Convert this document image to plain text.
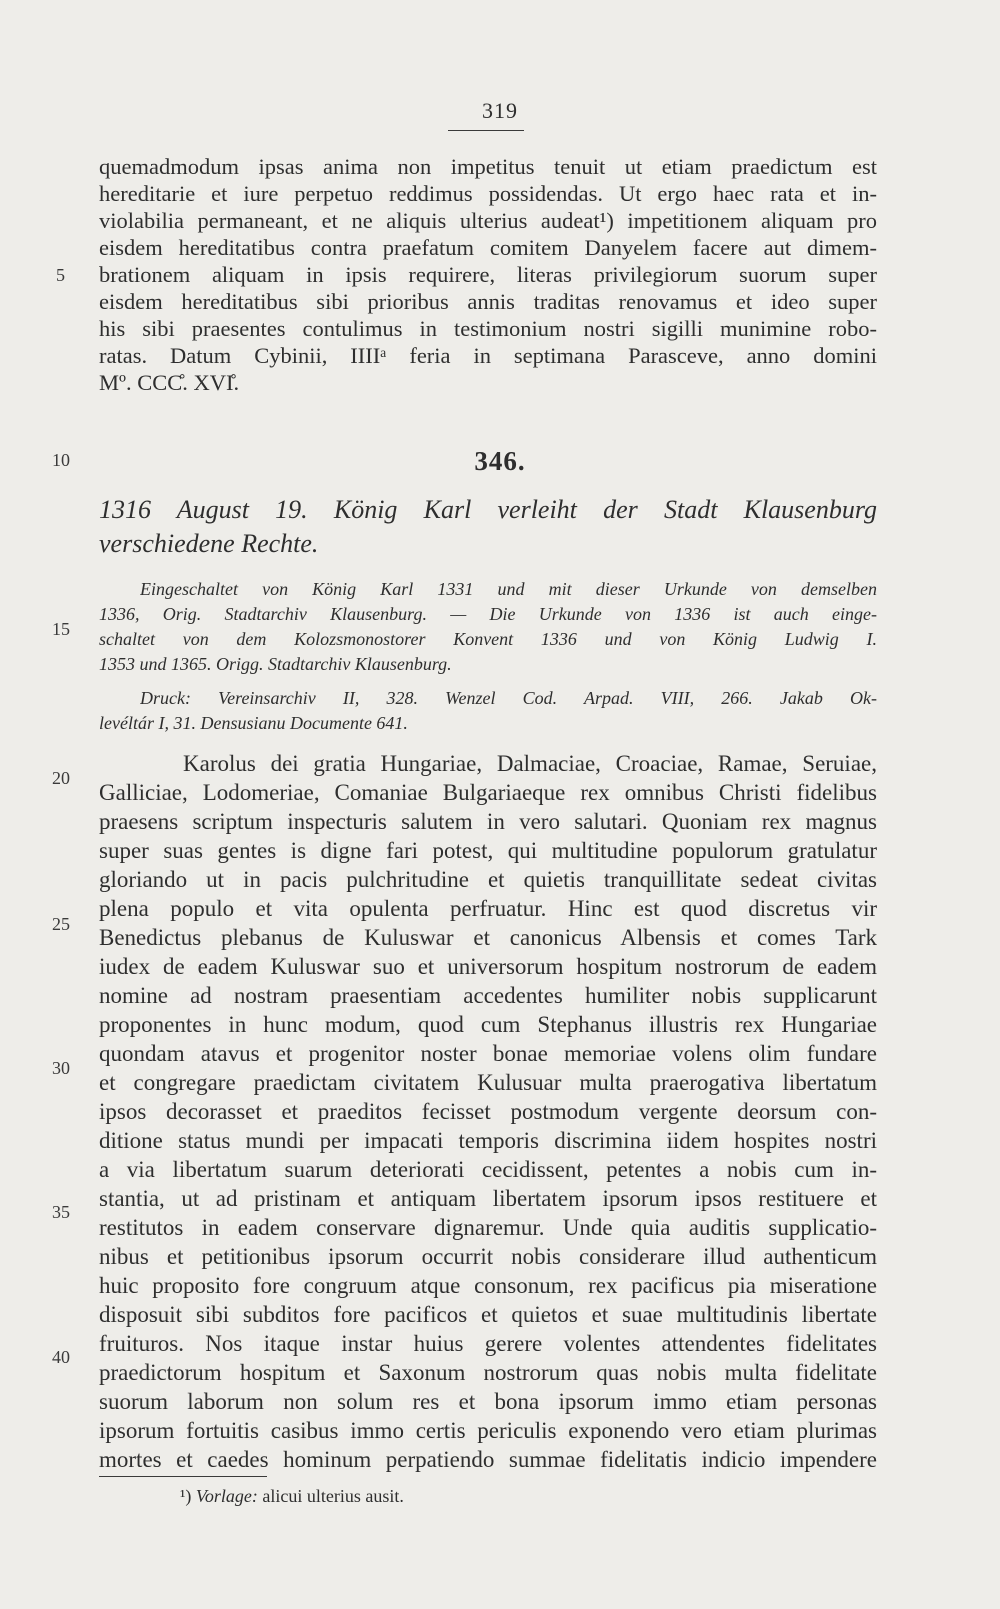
319
quemadmodum ipsas anima non impetitus tenuit ut etiam praedictum est
hereditarie et iure perpetuo reddimus possidendas. Ut ergo haec rata et in-
violabilia permaneant, et ne aliquis ulterius audeat¹) impetitionem aliquam pro
eisdem hereditatibus contra praefatum comitem Danyelem facere aut dimem-
brationem aliquam in ipsis requirere, literas privilegiorum suorum super
eisdem hereditatibus sibi prioribus annis traditas renovamus et ideo super
his sibi praesentes contulimus in testimonium nostri sigilli munimine robo-
ratas. Datum Cybinii, IIIIᵃ feria in septimana Parasceve, anno domini
Mº. CCC̊. XVI̊.
5
10
15
20
25
30
35
40
346.
1316 August 19. König Karl verleiht der Stadt Klausenburg
verschiedene Rechte.
Eingeschaltet von König Karl 1331 und mit dieser Urkunde von demselben
1336, Orig. Stadtarchiv Klausenburg. — Die Urkunde von 1336 ist auch einge-
schaltet von dem Kolozsmonostorer Konvent 1336 und von König Ludwig I.
1353 und 1365. Origg. Stadtarchiv Klausenburg.
Druck: Vereinsarchiv II, 328. Wenzel Cod. Arpad. VIII, 266. Jakab Ok-
levéltár I, 31. Densusianu Documente 641.
Karolus dei gratia Hungariae, Dalmaciae, Croaciae, Ramae, Seruiae,
Galliciae, Lodomeriae, Comaniae Bulgariaeque rex omnibus Christi fidelibus
praesens scriptum inspecturis salutem in vero salutari. Quoniam rex magnus
super suas gentes is digne fari potest, qui multitudine populorum gratulatur
gloriando ut in pacis pulchritudine et quietis tranquillitate sedeat civitas
plena populo et vita opulenta perfruatur. Hinc est quod discretus vir
Benedictus plebanus de Kuluswar et canonicus Albensis et comes Tark
iudex de eadem Kuluswar suo et universorum hospitum nostrorum de eadem
nomine ad nostram praesentiam accedentes humiliter nobis supplicarunt
proponentes in hunc modum, quod cum Stephanus illustris rex Hungariae
quondam atavus et progenitor noster bonae memoriae volens olim fundare
et congregare praedictam civitatem Kulusuar multa praerogativa libertatum
ipsos decorasset et praeditos fecisset postmodum vergente deorsum con-
ditione status mundi per impacati temporis discrimina iidem hospites nostri
a via libertatum suarum deteriorati cecidissent, petentes a nobis cum in-
stantia, ut ad pristinam et antiquam libertatem ipsorum ipsos restituere et
restitutos in eadem conservare dignaremur. Unde quia auditis supplicatio-
nibus et petitionibus ipsorum occurrit nobis considerare illud authenticum
huic proposito fore congruum atque consonum, rex pacificus pia miseratione
disposuit sibi subditos fore pacificos et quietos et suae multitudinis libertate
fruituros. Nos itaque instar huius gerere volentes attendentes fidelitates
praedictorum hospitum et Saxonum nostrorum quas nobis multa fidelitate
suorum laborum non solum res et bona ipsorum immo etiam personas
ipsorum fortuitis casibus immo certis periculis exponendo vero etiam plurimas
mortes et caedes hominum perpatiendo summae fidelitatis indicio impendere
¹) Vorlage: alicui ulterius ausit.
